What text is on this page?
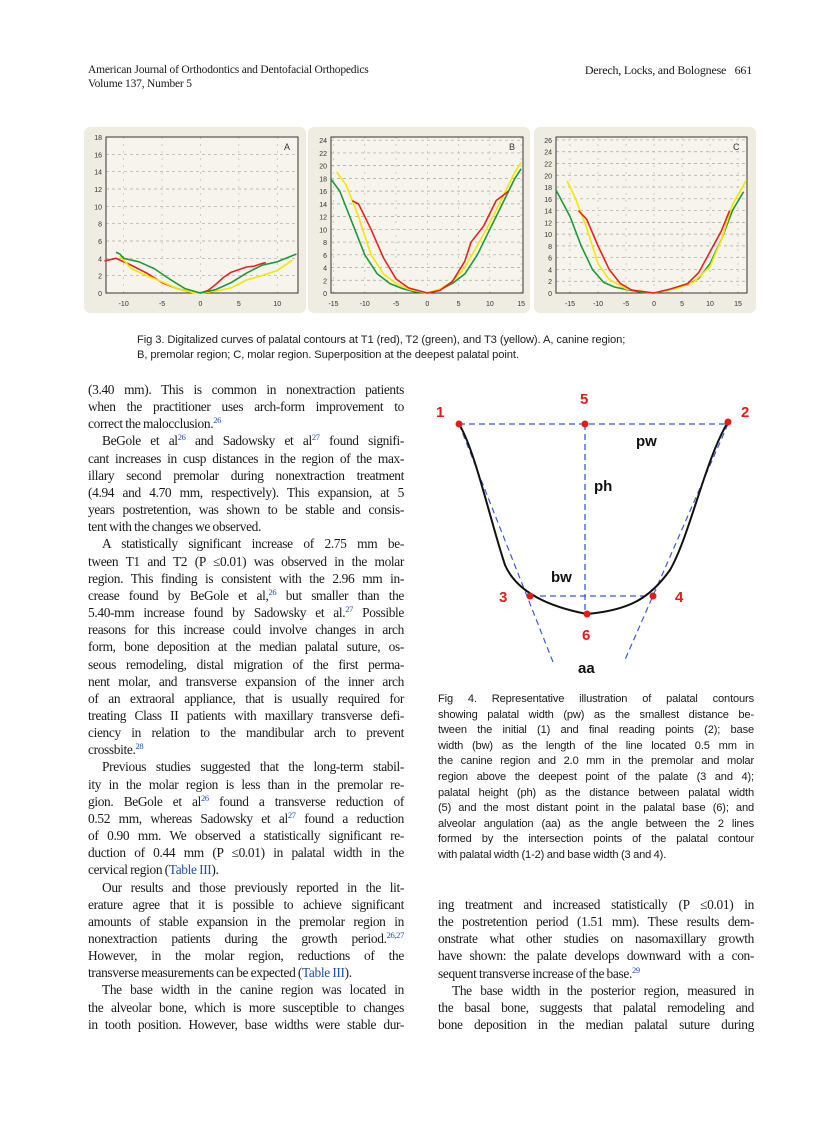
American Journal of Orthodontics and Dentofacial Orthopedics
Volume 137, Number 5
Derech, Locks, and Bolognese 661
0
2
4
6
8
10
12
14
16
18
-10	-5	0	5	10
A
0
2
4
6
8
10
12
14
16
18
20
22
24
-15	-10	-5	0	5	10	15
B
0
2
4
6
8
10
12
14
16
18
20
22
24
26
-15	-10	-5	0	5	10	15
C
Fig 3. Digitalized curves of palatal contours at T1 (red), T2 (green), and T3 (yellow). A, canine region;
B, premolar region; C, molar region. Superposition at the deepest palatal point.
(3.40 mm). This is common in nonextraction patients
when the practitioner uses arch-form improvement to
correct the malocclusion.$^{26}$
BeGole et $al^{26}$ and Sadowsky et $al^{27}$ found signifi-
cant increases in cusp distances in the region of the max-
illary second premolar during nonextraction treatment
(4.94 and 4.70 mm, respectively). This expansion, at 5
years postretention, was shown to be stable and consis-
tent with the changes we observed.
A statistically significant increase of 2.75 mm be-
tween T1 and T2 (P ≤0.01) was observed in the molar
region. This finding is consistent with the 2.96 mm in-
crease found by BeGole et al,$^{26}$ but smaller than the
5.40-mm increase found by Sadowsky et al.$^{27}$ Possible
reasons for this increase could involve changes in arch
form, bone deposition at the median palatal suture, os-
seous remodeling, distal migration of the first perma-
nent molar, and transverse expansion of the inner arch
of an extraoral appliance, that is usually required for
treating Class II patients with maxillary transverse defi-
ciency in relation to the mandibular arch to prevent
crossbite.$^{28}$
Previous studies suggested that the long-term stabil-
ity in the molar region is less than in the premolar re-
gion. BeGole et $al^{26}$ found a transverse reduction of
0.52 mm, whereas Sadowsky et $al^{27}$ found a reduction
of 0.90 mm. We observed a statistically significant re-
duction of 0.44 mm (P ≤0.01) in palatal width in the
cervical region (Table III).
Our results and those previously reported in the lit-
erature agree that it is possible to achieve significant
amounts of stable expansion in the premolar region in
nonextraction patients during the growth period.$^{26,27}$
However, in the molar region, reductions of the
transverse measurements can be expected (Table III).
The base width in the canine region was located in
the alveolar bone, which is more susceptible to changes
in tooth position. However, base widths were stable dur-
1	2
3	4
5
6
pw
ph
bw
aa
Fig 4. Representative illustration of palatal contours
showing palatal width (pw) as the smallest distance be-
tween the initial (1) and final reading points (2); base
width (bw) as the length of the line located 0.5 mm in
the canine region and 2.0 mm in the premolar and molar
region above the deepest point of the palate (3 and 4);
palatal height (ph) as the distance between palatal width
(5) and the most distant point in the palatal base (6); and
alveolar angulation (aa) as the angle between the 2 lines
formed by the intersection points of the palatal contour
with palatal width (1-2) and base width (3 and 4).
ing treatment and increased statistically (P ≤0.01) in
the postretention period (1.51 mm). These results dem-
onstrate what other studies on nasomaxillary growth
have shown: the palate develops downward with a con-
sequent transverse increase of the base.$^{29}$
The base width in the posterior region, measured in
the basal bone, suggests that palatal remodeling and
bone deposition in the median palatal suture during
